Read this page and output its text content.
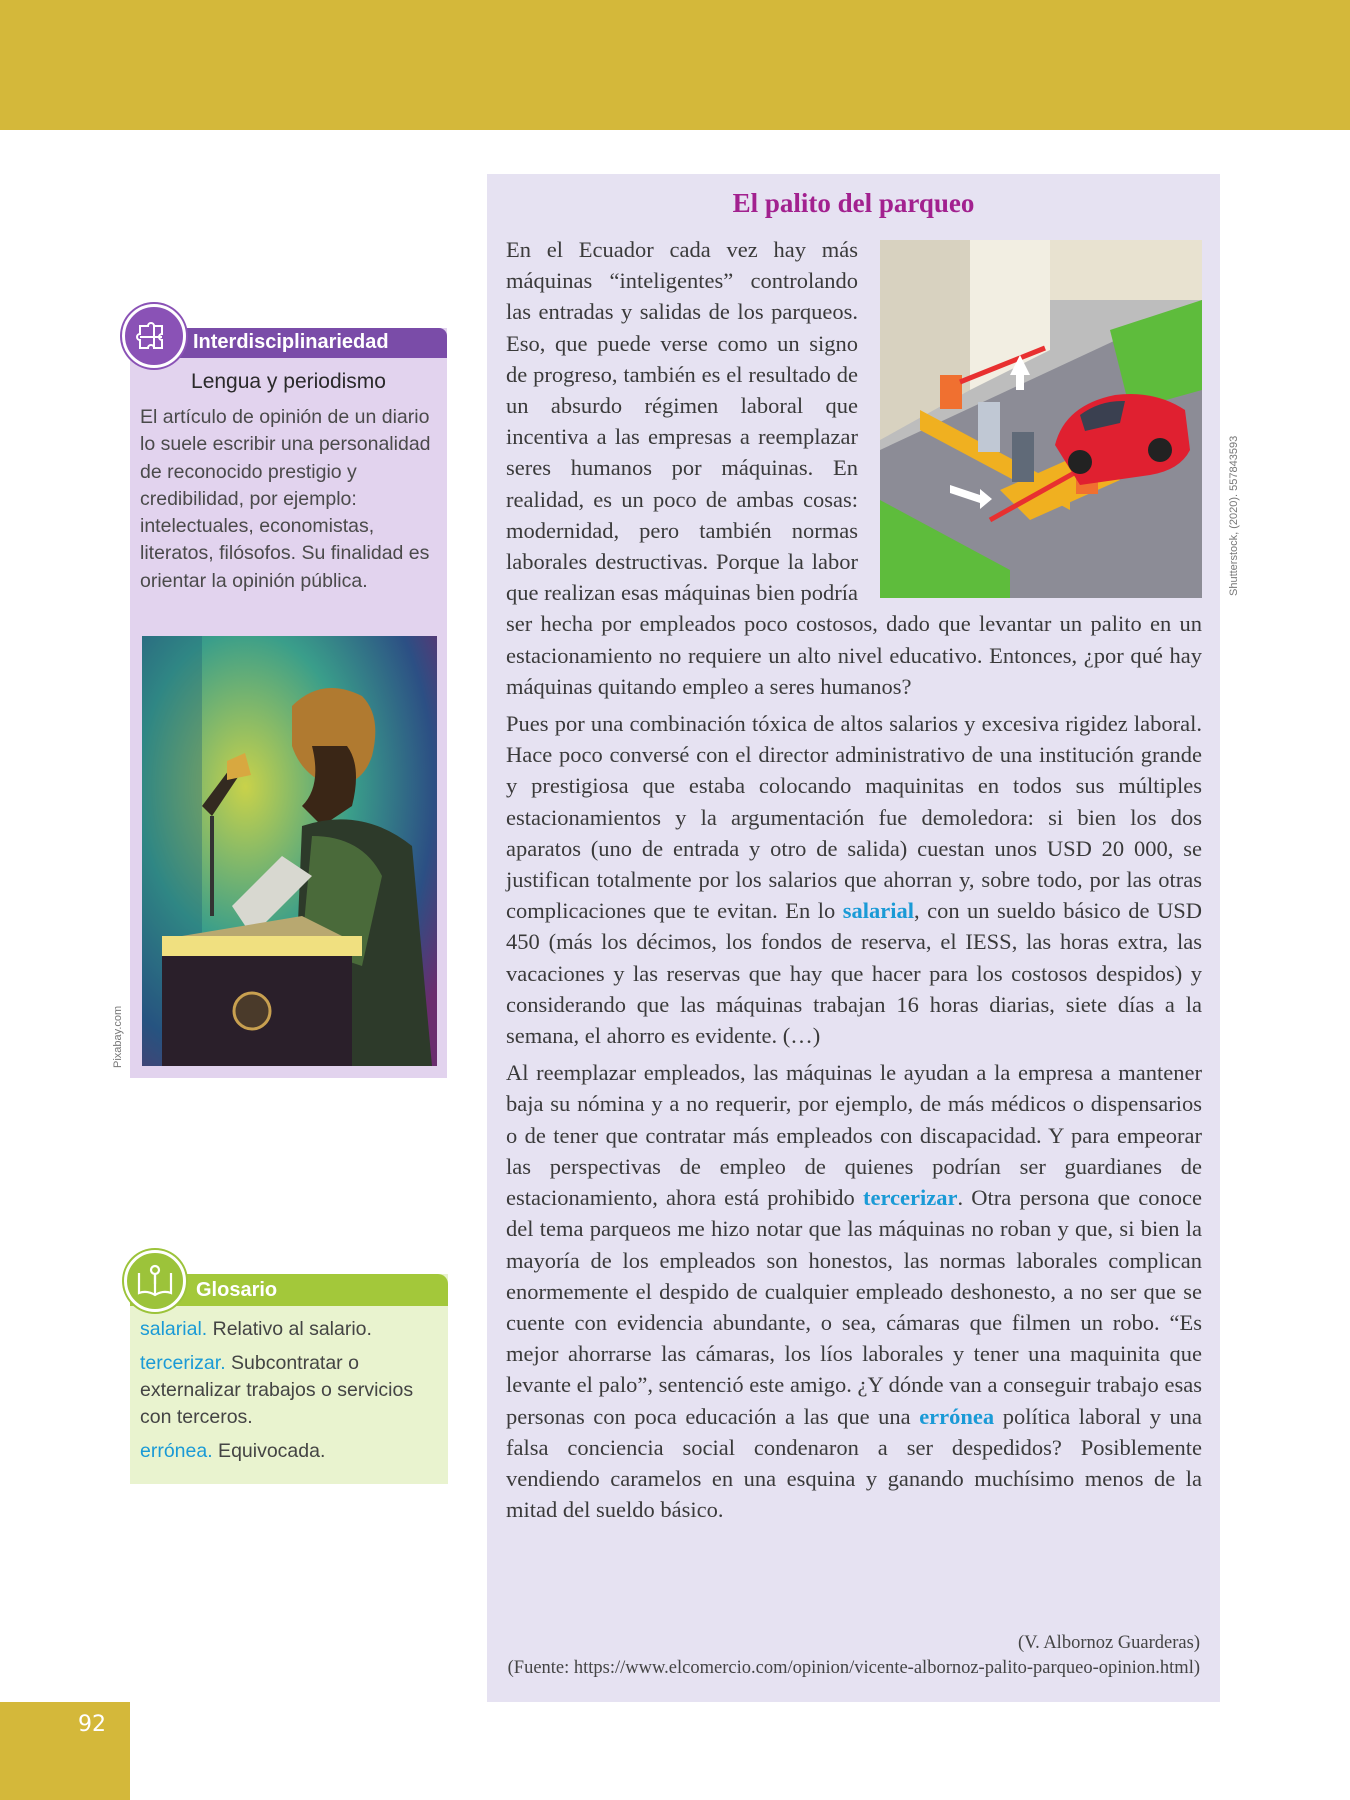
Interdisciplinariedad
Lengua y periodismo
El artículo de opinión de un diario lo suele escribir una personalidad de reconocido prestigio y credibilidad, por ejemplo: intelectuales, economistas, literatos, filósofos. Su finalidad es orientar la opinión pública.
Pixabay.com
Glosario
salarial. Relativo al salario.
tercerizar. Subcontratar o externalizar trabajos o servicios con terceros.
errónea. Equivocada.
El palito del parqueo

En el Ecuador cada vez hay más máquinas “inteligentes” controlando las entradas y salidas de los parqueos. Eso, que puede verse como un signo de progreso, también es el resultado de un absurdo régimen laboral que incentiva a las empresas a reemplazar seres humanos por máquinas. En realidad, es un poco de ambas cosas: modernidad, pero también normas laborales destructivas. Porque la labor que realizan esas máquinas bien podría ser hecha por empleados poco costosos, dado que levantar un palito en un estacionamiento no requiere un alto nivel educativo. Entonces, ¿por qué hay máquinas quitando empleo a seres humanos?

Pues por una combinación tóxica de altos salarios y excesiva rigidez laboral. Hace poco conversé con el director administrativo de una institución grande y prestigiosa que estaba colocando maquinitas en todos sus múltiples estacionamientos y la argumentación fue demoledora: si bien los dos aparatos (uno de entrada y otro de salida) cuestan unos USD 20 000, se justifican totalmente por los salarios que ahorran y, sobre todo, por las otras complicaciones que te evitan. En lo salarial, con un sueldo básico de USD 450 (más los décimos, los fondos de reserva, el IESS, las horas extra, las vacaciones y las reservas que hay que hacer para los costosos despidos) y considerando que las máquinas trabajan 16 horas diarias, siete días a la semana, el ahorro es evidente. (…)

Al reemplazar empleados, las máquinas le ayudan a la empresa a mantener baja su nómina y a no requerir, por ejemplo, de más médicos o dispensarios o de tener que contratar más empleados con discapacidad. Y para empeorar las perspectivas de empleo de quienes podrían ser guardianes de estacionamiento, ahora está prohibido tercerizar. Otra persona que conoce del tema parqueos me hizo notar que las máquinas no roban y que, si bien la mayoría de los empleados son honestos, las normas laborales complican enormemente el despido de cualquier empleado deshonesto, a no ser que se cuente con evidencia abundante, o sea, cámaras que filmen un robo. “Es mejor ahorrarse las cámaras, los líos laborales y tener una maquinita que levante el palo”, sentenció este amigo. ¿Y dónde van a conseguir trabajo esas personas con poca educación a las que una errónea política laboral y una falsa conciencia social condenaron a ser despedidos? Posiblemente vendiendo caramelos en una esquina y ganando muchísimo menos de la mitad del sueldo básico.

(V. Albornoz Guarderas)
(Fuente: https://www.elcomercio.com/opinion/vicente-albornoz-palito-parqueo-opinion.html)
Shutterstock, (2020). 557843593
92
